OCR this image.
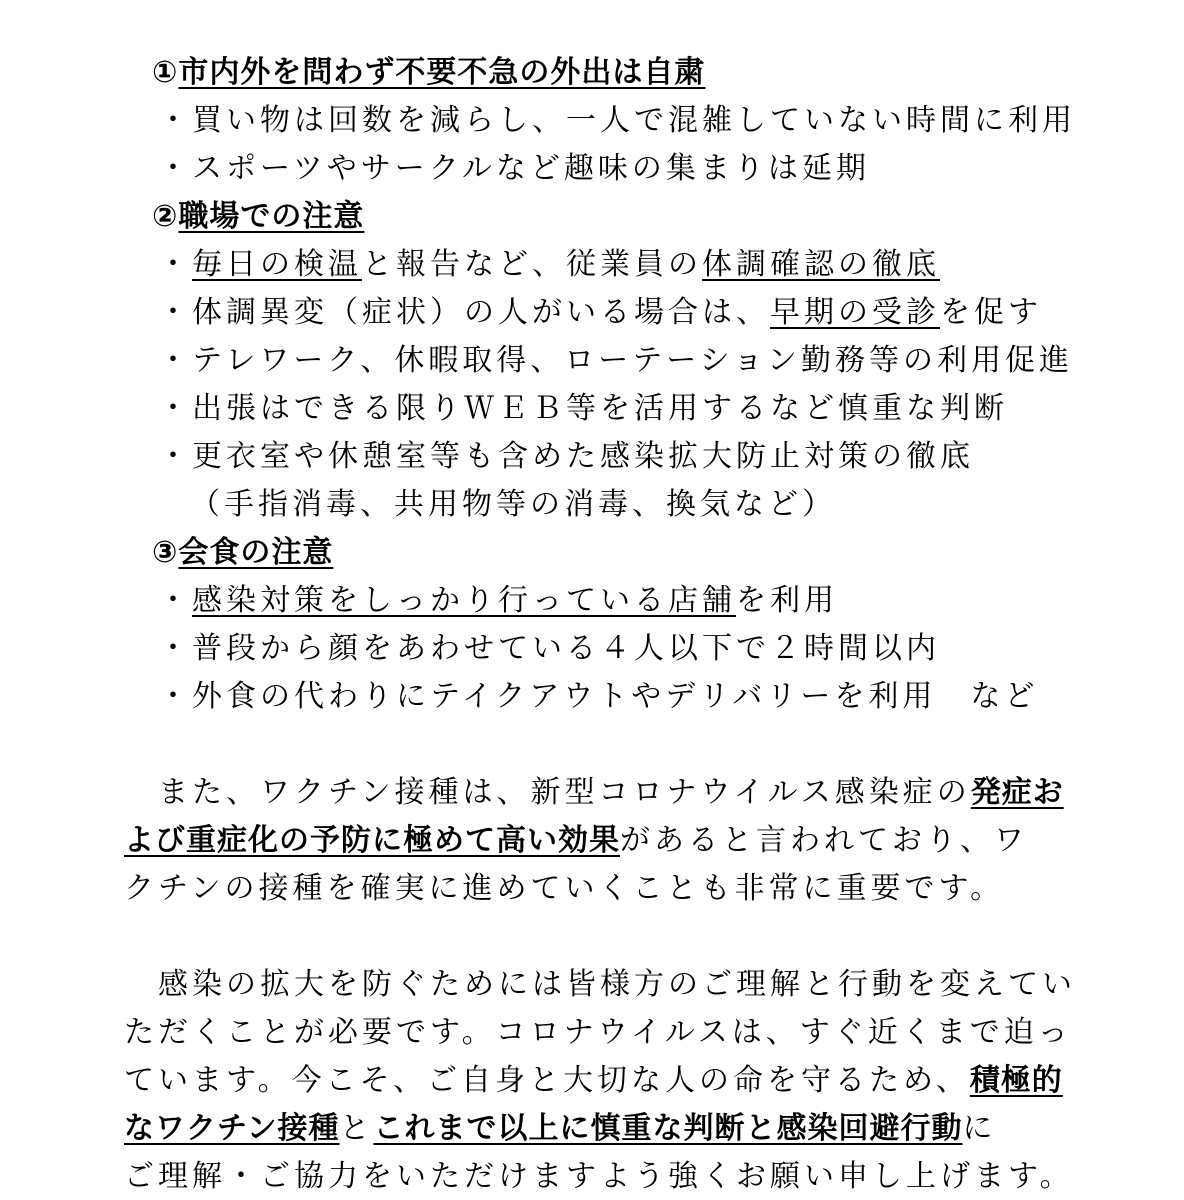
①市内外を問わず不要不急の外出は自粛
・買い物は回数を減らし、一人で混雑していない時間に利用
・スポーツやサークルなど趣味の集まりは延期
②職場での注意
・毎日の検温と報告など、従業員の体調確認の徹底
・体調異変（症状）の人がいる場合は、早期の受診を促す
・テレワーク、休暇取得、ローテーション勤務等の利用促進
・出張はできる限りＷＥＢ等を活用するなど慎重な判断
・更衣室や休憩室等も含めた感染拡大防止対策の徹底
（手指消毒、共用物等の消毒、換気など）
③会食の注意
・感染対策をしっかり行っている店舗を利用
・普段から顔をあわせている４人以下で２時間以内
・外食の代わりにテイクアウトやデリバリーを利用　など
　また、ワクチン接種は、新型コロナウイルス感染症の発症お
よび重症化の予防に極めて高い効果があると言われており、ワ
クチンの接種を確実に進めていくことも非常に重要です。
　感染の拡大を防ぐためには皆様方のご理解と行動を変えてい
ただくことが必要です。コロナウイルスは、すぐ近くまで迫っ
ています。今こそ、ご自身と大切な人の命を守るため、積極的
なワクチン接種とこれまで以上に慎重な判断と感染回避行動に
ご理解・ご協力をいただけますよう強くお願い申し上げます。
